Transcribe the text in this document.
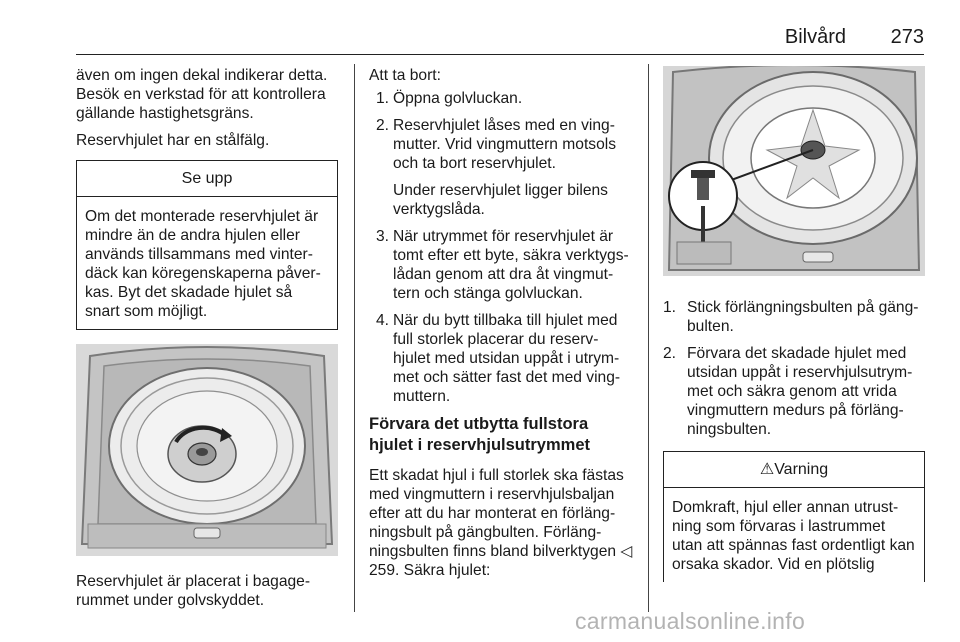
Bilvård 273

även om ingen dekal indikerar detta. Besök en verkstad för att kontrollera gällande hastighetsgräns.

Reservhjulet har en stålfälg.

Se upp
Om det monterade reservhjulet är mindre än de andra hjulen eller används tillsammans med vinter-däck kan köregenskaperna påver-kas. Byt det skadade hjulet så snart som möjligt.

Reservhjulet är placerat i bagage-rummet under golvskyddet.

Att ta bort:

1. Öppna golvluckan.
2. Reservhjulet låses med en ving-mutter. Vrid vingmuttern motsols och ta bort reservhjulet.

Under reservhjulet ligger bilens verktygslåda.

3. När utrymmet för reservhjulet är tomt efter ett byte, säkra verktygs-lådan genom att dra åt vingmut-tern och stänga golvluckan.
4. När du bytt tillbaka till hjulet med full storlek placerar du reserv-hjulet med utsidan uppåt i utrym-met och sätter fast det med ving-muttern.
Förvara det utbytta fullstora hjulet i reservhjulsutrymmet

Ett skadat hjul i full storlek ska fästas med vingmuttern i reservhjulsbaljan efter att du har monterat en förläng-ningsbult på gängbulten. Förläng-ningsbulten finns bland bilverktygen ◁ 259. Säkra hjulet:

1. Stick förlängningsbulten på gäng-bulten.
2. Förvara det skadade hjulet med utsidan uppåt i reservhjulsutrym-met och säkra genom att vrida vingmuttern medurs på förläng-ningsbulten.
⚠Varning
Domkraft, hjul eller annan utrust-ning som förvaras i lastrummet utan att spännas fast ordentligt kan orsaka skador. Vid en plötslig
carmanualsonline.info
